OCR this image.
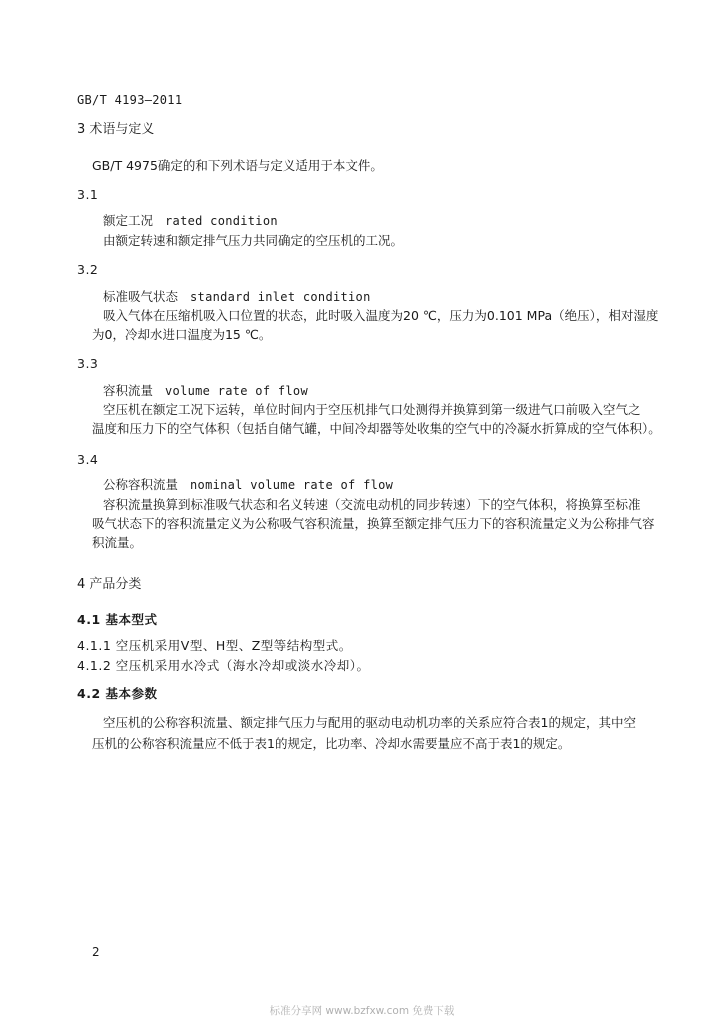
GB/T 4193—2011
3 术语与定义
GB/T 4975确定的和下列术语与定义适用于本文件。
3.1
额定工况 rated condition
由额定转速和额定排气压力共同确定的空压机的工况。
3.2
标准吸气状态 standard inlet condition
吸入气体在压缩机吸入口位置的状态，此时吸入温度为20 ℃，压力为0.101 MPa（绝压），相对湿度
为0，冷却水进口温度为15 ℃。
3.3
容积流量 volume rate of flow
空压机在额定工况下运转，单位时间内于空压机排气口处测得并换算到第一级进气口前吸入空气之
温度和压力下的空气体积（包括自储气罐，中间冷却器等处收集的空气中的冷凝水折算成的空气体积）。
3.4
公称容积流量 nominal volume rate of flow
容积流量换算到标准吸气状态和名义转速（交流电动机的同步转速）下的空气体积，将换算至标准
吸气状态下的容积流量定义为公称吸气容积流量，换算至额定排气压力下的容积流量定义为公称排气容
积流量。
4 产品分类
4.1 基本型式
4.1.1 空压机采用V型、H型、Z型等结构型式。
4.1.2 空压机采用水冷式（海水冷却或淡水冷却）。
4.2 基本参数
空压机的公称容积流量、额定排气压力与配用的驱动电动机功率的关系应符合表1的规定，其中空
压机的公称容积流量应不低于表1的规定，比功率、冷却水需要量应不高于表1的规定。
2
标准分享网 www.bzfxw.com 免费下载
